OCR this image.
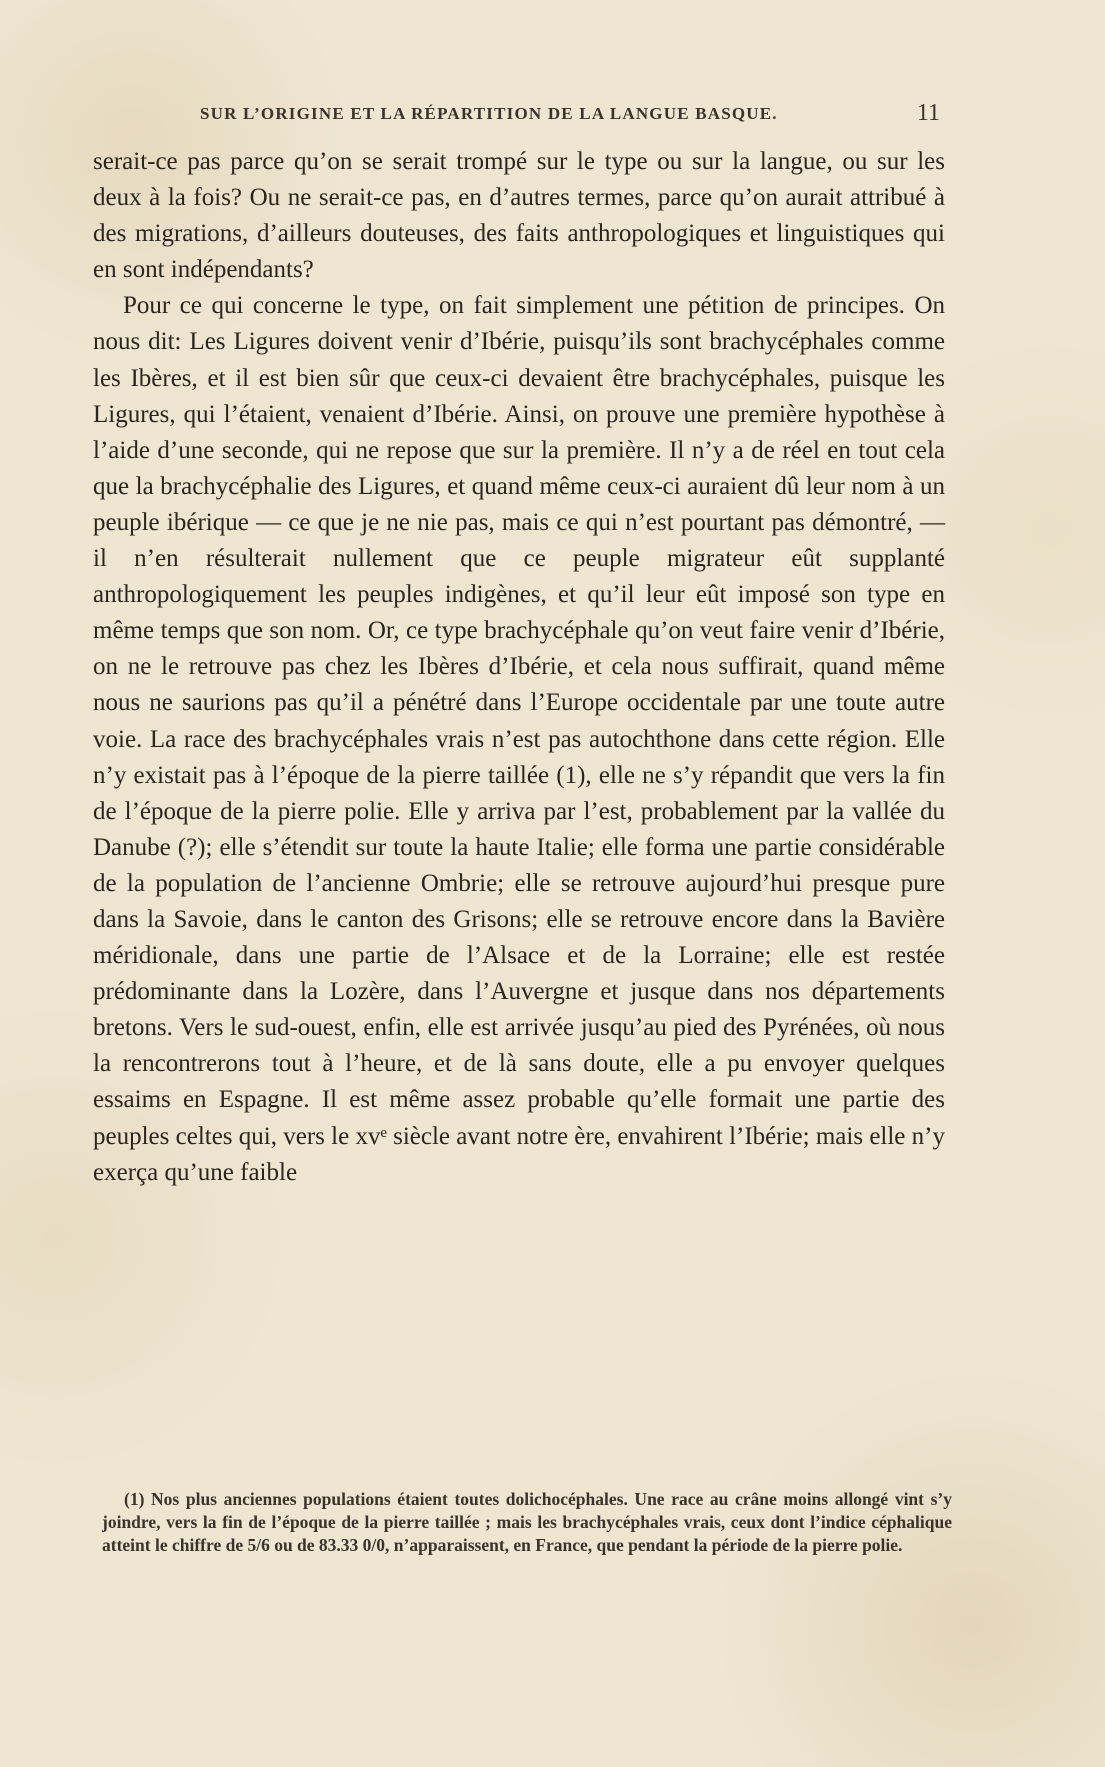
SUR L’ORIGINE ET LA RÉPARTITION DE LA LANGUE BASQUE.	11

serait-ce pas parce qu’on se serait trompé sur le type ou sur la langue, ou sur les deux à la fois? Ou ne serait-ce pas, en d’autres termes, parce qu’on aurait attribué à des migrations, d’ailleurs douteuses, des faits anthropologiques et linguistiques qui en sont indépendants?

Pour ce qui concerne le type, on fait simplement une pétition de principes. On nous dit: Les Ligures doivent venir d’Ibérie, puisqu’ils sont brachycéphales comme les Ibères, et il est bien sûr que ceux-ci devaient être brachycéphales, puisque les Ligures, qui l’étaient, venaient d’Ibérie. Ainsi, on prouve une première hypothèse à l’aide d’une seconde, qui ne repose que sur la première. Il n’y a de réel en tout cela que la brachycéphalie des Ligures, et quand même ceux-ci auraient dû leur nom à un peuple ibérique — ce que je ne nie pas, mais ce qui n’est pourtant pas démontré, — il n’en résulterait nullement que ce peuple migrateur eût supplanté anthropologiquement les peuples indigènes, et qu’il leur eût imposé son type en même temps que son nom. Or, ce type brachycéphale qu’on veut faire venir d’Ibérie, on ne le retrouve pas chez les Ibères d’Ibérie, et cela nous suffirait, quand même nous ne saurions pas qu’il a pénétré dans l’Europe occidentale par une toute autre voie. La race des brachycéphales vrais n’est pas autochthone dans cette région. Elle n’y existait pas à l’époque de la pierre taillée (1), elle ne s’y répandit que vers la fin de l’époque de la pierre polie. Elle y arriva par l’est, probablement par la vallée du Danube (?); elle s’étendit sur toute la haute Italie; elle forma une partie considérable de la population de l’ancienne Ombrie; elle se retrouve aujourd’hui presque pure dans la Savoie, dans le canton des Grisons; elle se retrouve encore dans la Bavière méridionale, dans une partie de l’Alsace et de la Lorraine; elle est restée prédominante dans la Lozère, dans l’Auvergne et jusque dans nos départements bretons. Vers le sud-ouest, enfin, elle est arrivée jusqu’au pied des Pyrénées, où nous la rencontrerons tout à l’heure, et de là sans doute, elle a pu envoyer quelques essaims en Espagne. Il est même assez probable qu’elle formait une partie des peuples celtes qui, vers le xvᵉ siècle avant notre ère, envahirent l’Ibérie; mais elle n’y exerça qu’une faible

(1) Nos plus anciennes populations étaient toutes dolichocéphales. Une race au crâne moins allongé vint s’y joindre, vers la fin de l’époque de la pierre taillée ; mais les brachycéphales vrais, ceux dont l’indice céphalique atteint le chiffre de 5/6 ou de 83.33 0/0, n’apparaissent, en France, que pendant la période de la pierre polie.
